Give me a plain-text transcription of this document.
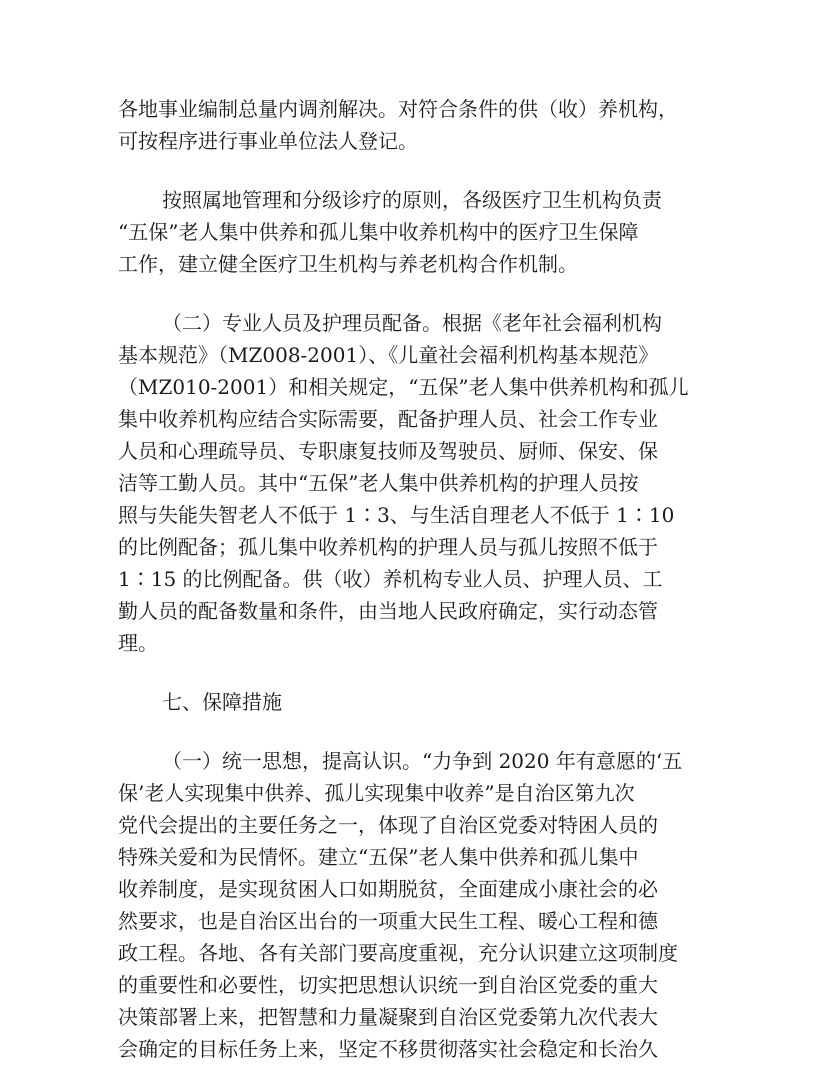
各地事业编制总量内调剂解决。对符合条件的供（收）养机构，
可按程序进行事业单位法人登记。
按照属地管理和分级诊疗的原则，各级医疗卫生机构负责
“五保”老人集中供养和孤儿集中收养机构中的医疗卫生保障
工作，建立健全医疗卫生机构与养老机构合作机制。
（二）专业人员及护理员配备。根据《老年社会福利机构
基本规范》（MZ008-2001）、《儿童社会福利机构基本规范》
（MZ010-2001）和相关规定，“五保”老人集中供养机构和孤儿
集中收养机构应结合实际需要，配备护理人员、社会工作专业
人员和心理疏导员、专职康复技师及驾驶员、厨师、保安、保
洁等工勤人员。其中“五保”老人集中供养机构的护理人员按
照与失能失智老人不低于 1∶3、与生活自理老人不低于 1∶10
的比例配备；孤儿集中收养机构的护理人员与孤儿按照不低于
1∶15 的比例配备。供（收）养机构专业人员、护理人员、工
勤人员的配备数量和条件，由当地人民政府确定，实行动态管
理。
七、保障措施
（一）统一思想，提高认识。“力争到 2020 年有意愿的‘五
保’老人实现集中供养、孤儿实现集中收养”是自治区第九次
党代会提出的主要任务之一，体现了自治区党委对特困人员的
特殊关爱和为民情怀。建立“五保”老人集中供养和孤儿集中
收养制度，是实现贫困人口如期脱贫，全面建成小康社会的必
然要求，也是自治区出台的一项重大民生工程、暖心工程和德
政工程。各地、各有关部门要高度重视，充分认识建立这项制度
的重要性和必要性，切实把思想认识统一到自治区党委的重大
决策部署上来，把智慧和力量凝聚到自治区党委第九次代表大
会确定的目标任务上来，坚定不移贯彻落实社会稳定和长治久
